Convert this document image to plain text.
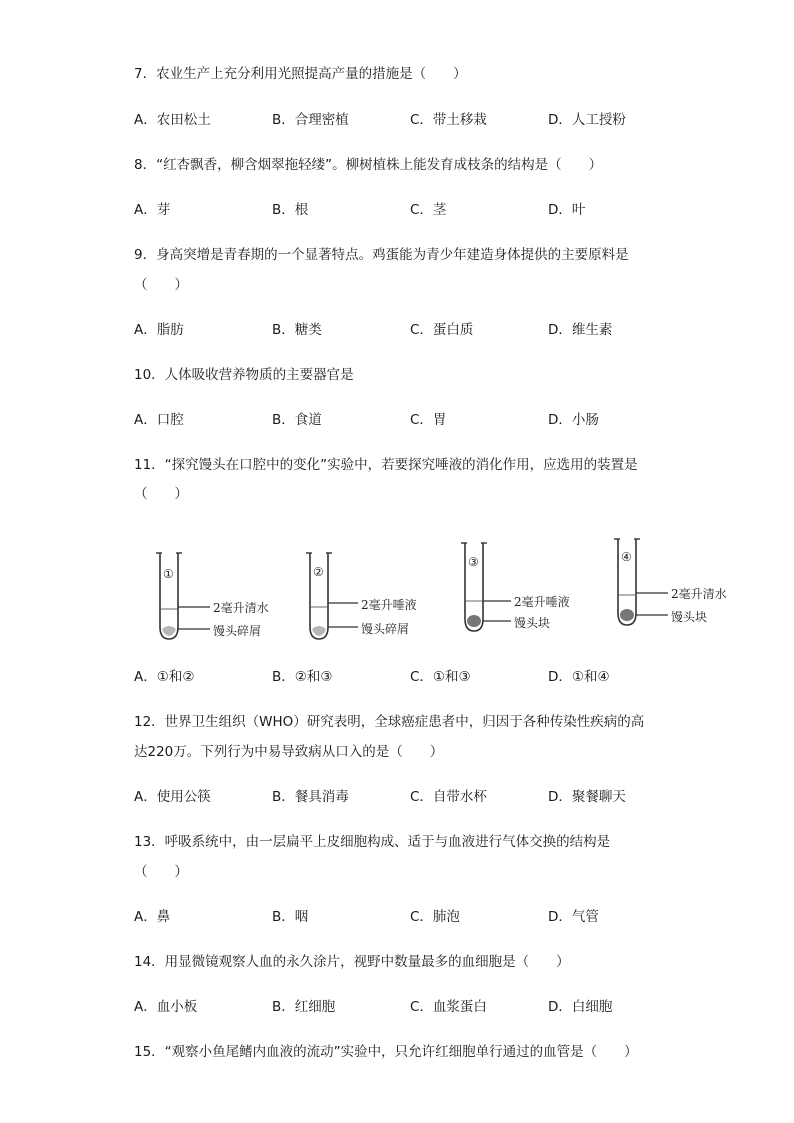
7．农业生产上充分利用光照提高产量的措施是（　　）
A．农田松土	B．合理密植	C．带土移栽	D．人工授粉
8．“红杏飘香，柳含烟翠拖轻缕”。柳树植株上能发育成枝条的结构是（　　）
A．芽	B．根	C．茎	D．叶
9．身高突增是青春期的一个显著特点。鸡蛋能为青少年建造身体提供的主要原料是
（　　）
A．脂肪	B．糖类	C．蛋白质	D．维生素
10．人体吸收营养物质的主要器官是
A．口腔	B．食道	C．胃	D．小肠
11．“探究馒头在口腔中的变化”实验中，若要探究唾液的消化作用，应选用的装置是
（　　）
①
2毫升清水
馒头碎屑
②
2毫升唾液
馒头碎屑
③
2毫升唾液
馒头块
④
2毫升清水
馒头块
A．①和②	B．②和③	C．①和③	D．①和④
12．世界卫生组织（WHO）研究表明，全球癌症患者中，归因于各种传染性疾病的高
达220万。下列行为中易导致病从口入的是（　　）
A．使用公筷	B．餐具消毒	C．自带水杯	D．聚餐聊天
13．呼吸系统中，由一层扁平上皮细胞构成、适于与血液进行气体交换的结构是
（　　）
A．鼻	B．咽	C．肺泡	D．气管
14．用显微镜观察人血的永久涂片，视野中数量最多的血细胞是（　　）
A．血小板	B．红细胞	C．血浆蛋白	D．白细胞
15．“观察小鱼尾鳍内血液的流动”实验中，只允许红细胞单行通过的血管是（　　）
